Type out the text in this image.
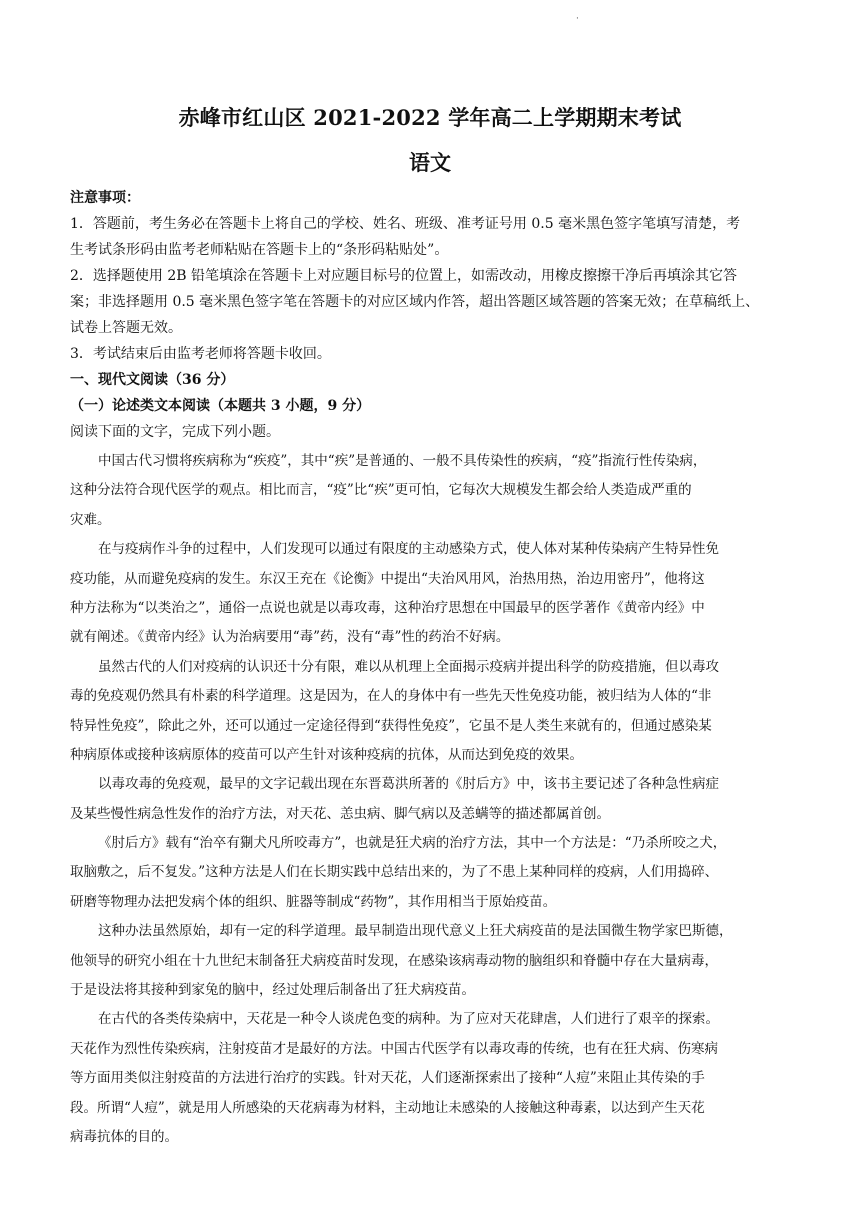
·
赤峰市红山区 2021-2022 学年高二上学期期末考试
语文
注意事项：
1．答题前，考生务必在答题卡上将自己的学校、姓名、班级、准考证号用 0.5 毫米黑色签字笔填写清楚，考
生考试条形码由监考老师粘贴在答题卡上的“条形码粘贴处”。
2．选择题使用 2B 铅笔填涂在答题卡上对应题目标号的位置上，如需改动，用橡皮擦擦干净后再填涂其它答
案；非选择题用 0.5 毫米黑色签字笔在答题卡的对应区域内作答，超出答题区域答题的答案无效；在草稿纸上、
试卷上答题无效。
3．考试结束后由监考老师将答题卡收回。
一、现代文阅读（36 分）
（一）论述类文本阅读（本题共 3 小题，9 分）
阅读下面的文字，完成下列小题。
中国古代习惯将疾病称为“疾疫”，其中“疾”是普通的、一般不具传染性的疾病，“疫”指流行性传染病，
这种分法符合现代医学的观点。相比而言，“疫”比“疾”更可怕，它每次大规模发生都会给人类造成严重的
灾难。
在与疫病作斗争的过程中，人们发现可以通过有限度的主动感染方式，使人体对某种传染病产生特异性免
疫功能，从而避免疫病的发生。东汉王充在《论衡》中提出“夫治风用风，治热用热，治边用密丹”，他将这
种方法称为“以类治之”，通俗一点说也就是以毒攻毒，这种治疗思想在中国最早的医学著作《黄帝内经》中
就有阐述。《黄帝内经》认为治病要用“毒”药，没有“毒”性的药治不好病。
虽然古代的人们对疫病的认识还十分有限，难以从机理上全面揭示疫病并提出科学的防疫措施，但以毒攻
毒的免疫观仍然具有朴素的科学道理。这是因为，在人的身体中有一些先天性免疫功能，被归结为人体的“非
特异性免疫”，除此之外，还可以通过一定途径得到“获得性免疫”，它虽不是人类生来就有的，但通过感染某
种病原体或接种该病原体的疫苗可以产生针对该种疫病的抗体，从而达到免疫的效果。
以毒攻毒的免疫观，最早的文字记载出现在东晋葛洪所著的《肘后方》中，该书主要记述了各种急性病症
及某些慢性病急性发作的治疗方法，对天花、恙虫病、脚气病以及恙螨等的描述都属首创。
《肘后方》载有“治卒有猘犬凡所咬毒方”，也就是狂犬病的治疗方法，其中一个方法是：“乃杀所咬之犬，
取脑敷之，后不复发。”这种方法是人们在长期实践中总结出来的，为了不患上某种同样的疫病，人们用捣碎、
研磨等物理办法把发病个体的组织、脏器等制成“药物”，其作用相当于原始疫苗。
这种办法虽然原始，却有一定的科学道理。最早制造出现代意义上狂犬病疫苗的是法国微生物学家巴斯德，
他领导的研究小组在十九世纪末制备狂犬病疫苗时发现，在感染该病毒动物的脑组织和脊髓中存在大量病毒，
于是设法将其接种到家兔的脑中，经过处理后制备出了狂犬病疫苗。
在古代的各类传染病中，天花是一种令人谈虎色变的病种。为了应对天花肆虐，人们进行了艰辛的探索。
天花作为烈性传染疾病，注射疫苗才是最好的方法。中国古代医学有以毒攻毒的传统，也有在狂犬病、伤寒病
等方面用类似注射疫苗的方法进行治疗的实践。针对天花，人们逐渐探索出了接种“人痘”来阻止其传染的手
段。所谓“人痘”，就是用人所感染的天花病毒为材料，主动地让未感染的人接触这种毒素，以达到产生天花
病毒抗体的目的。
